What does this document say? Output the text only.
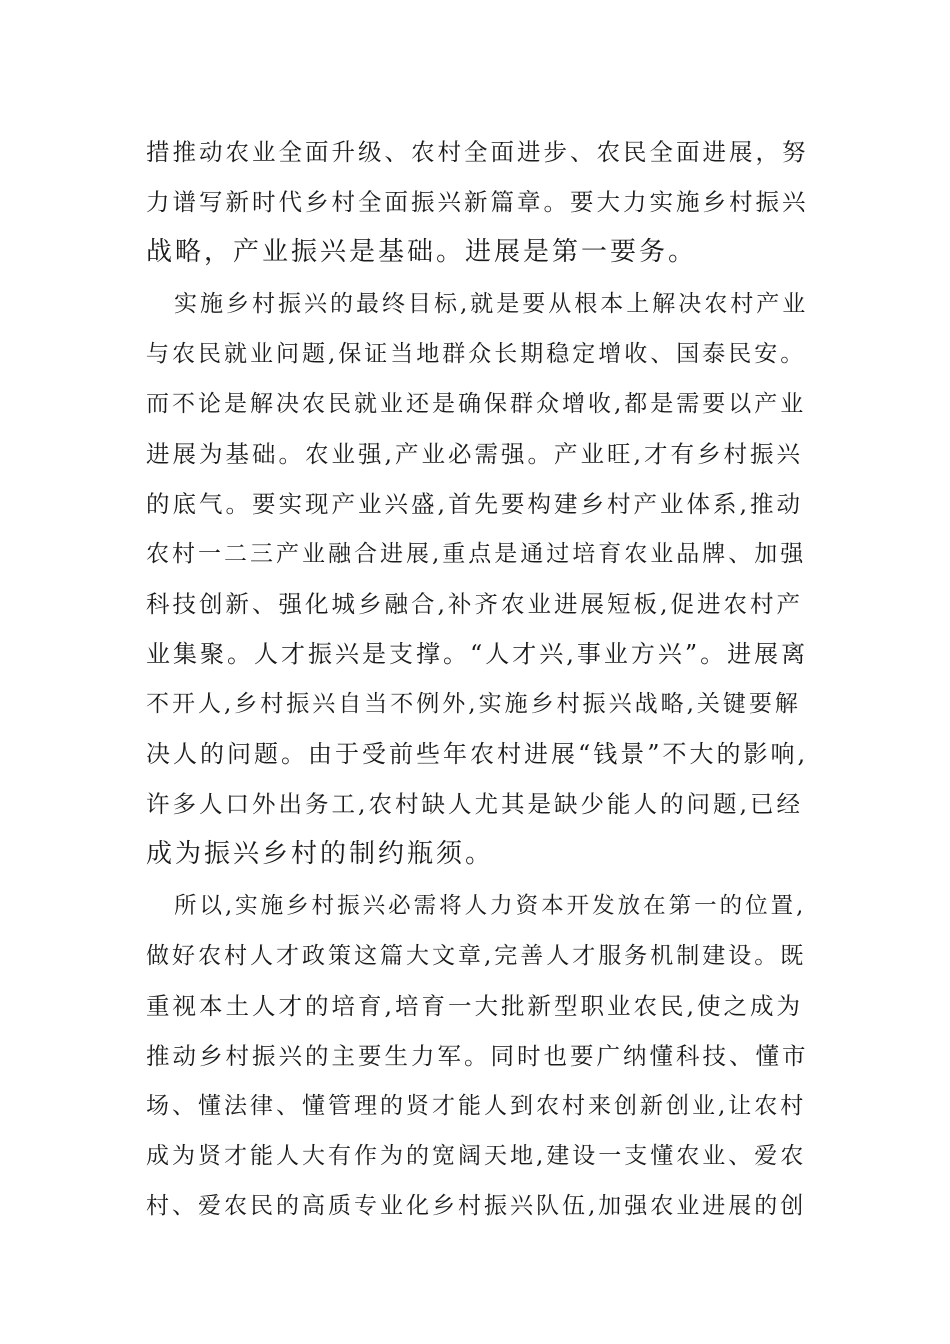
措推动农业全面升级、农村全面进步、农民全面进展，努
力谱写新时代乡村全面振兴新篇章。要大力实施乡村振兴
战略，产业振兴是基础。进展是第一要务。
实施乡村振兴的最终目标,就是要从根本上解决农村产业
与农民就业问题,保证当地群众长期稳定增收、国泰民安。
而不论是解决农民就业还是确保群众增收,都是需要以产业
进展为基础。农业强,产业必需强。产业旺,才有乡村振兴
的底气。要实现产业兴盛,首先要构建乡村产业体系,推动
农村一二三产业融合进展,重点是通过培育农业品牌、加强
科技创新、强化城乡融合,补齐农业进展短板,促进农村产
业集聚。人才振兴是支撑。“人才兴,事业方兴”。进展离
不开人,乡村振兴自当不例外,实施乡村振兴战略,关键要解
决人的问题。由于受前些年农村进展“钱景”不大的影响,
许多人口外出务工,农村缺人尤其是缺少能人的问题,已经
成为振兴乡村的制约瓶须。
所以,实施乡村振兴必需将人力资本开发放在第一的位置,
做好农村人才政策这篇大文章,完善人才服务机制建设。既
重视本土人才的培育,培育一大批新型职业农民,使之成为
推动乡村振兴的主要生力军。同时也要广纳懂科技、懂市
场、懂法律、懂管理的贤才能人到农村来创新创业,让农村
成为贤才能人大有作为的宽阔天地,建设一支懂农业、爱农
村、爱农民的高质专业化乡村振兴队伍,加强农业进展的创
